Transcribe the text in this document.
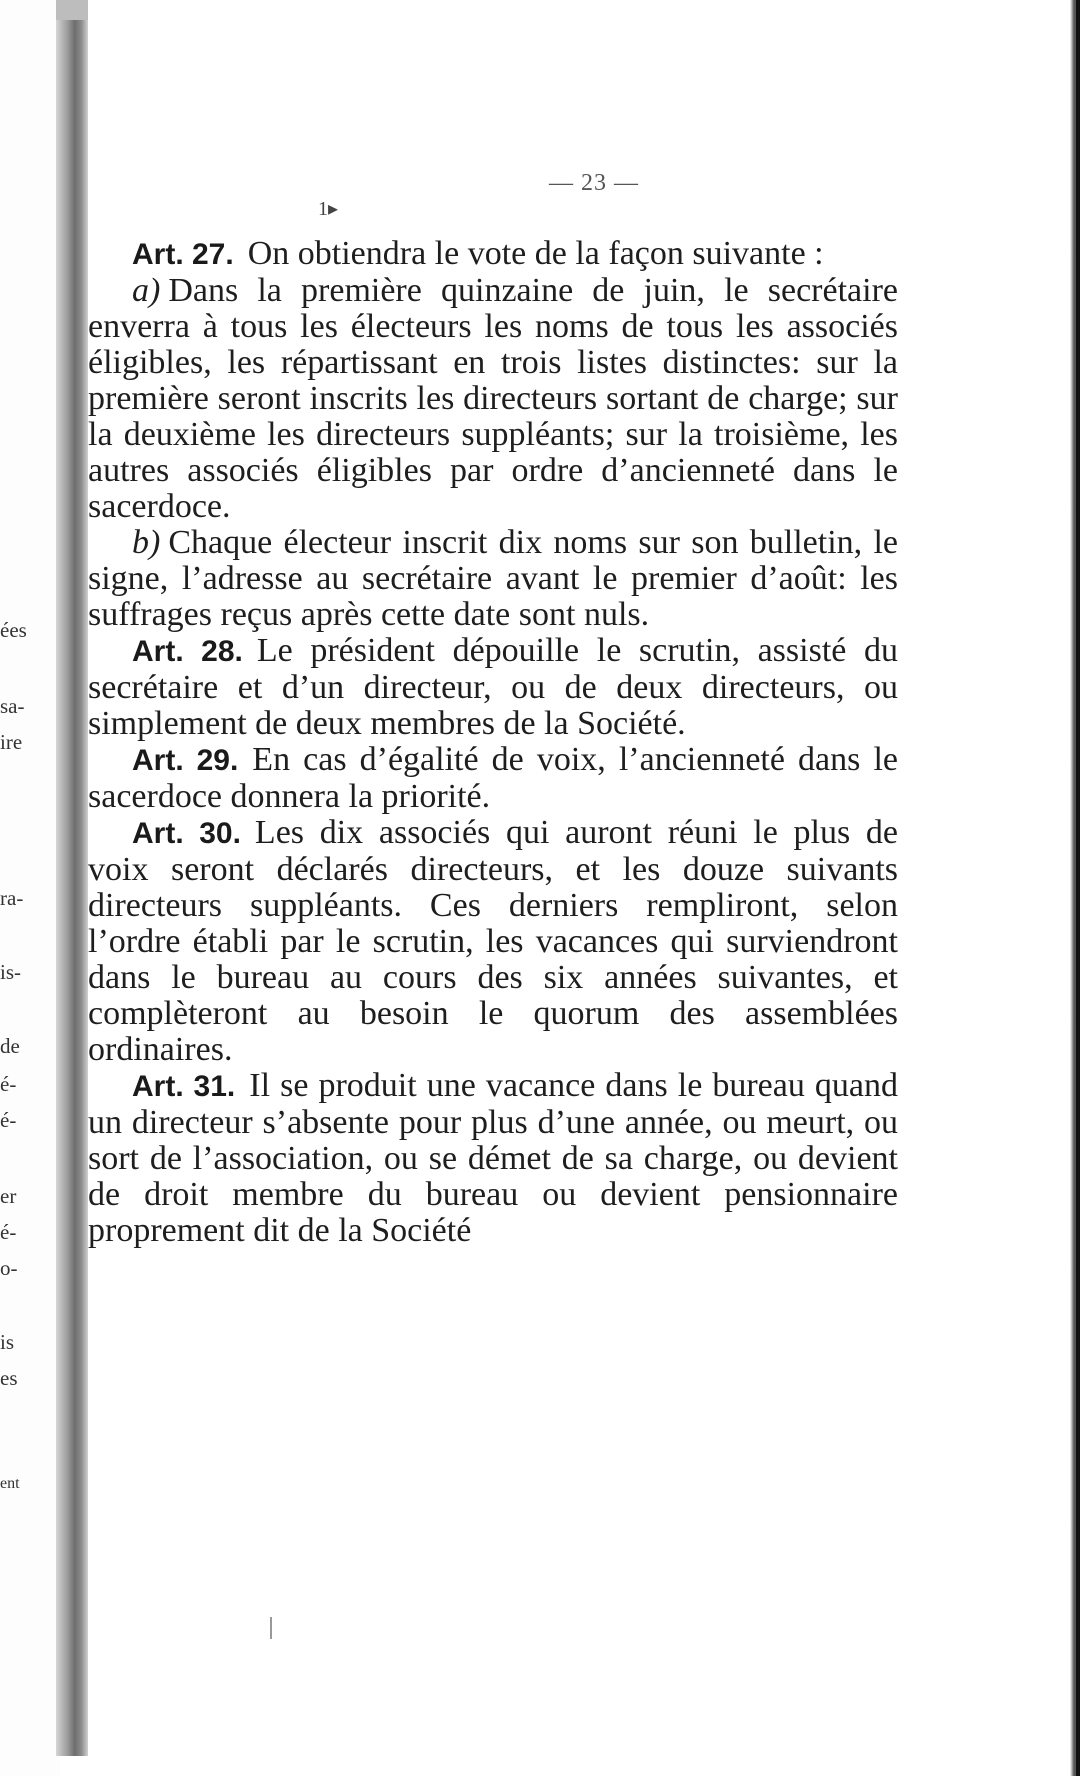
ées
sa-
ire
ra-
is-
de
é-
é-
er
é-
o-
is
es
ent
— 23 —
1▸

Art. 27. On obtiendra le vote de la façon suivante :

a) Dans la première quinzaine de juin, le secrétaire enverra à tous les électeurs les noms de tous les associés éligibles, les répartissant en trois listes distinctes: sur la première seront inscrits les directeurs sortant de charge; sur la deuxième les directeurs suppléants; sur la troisième, les autres associés éligibles par ordre d’ancienneté dans le sacerdoce.

b) Chaque électeur inscrit dix noms sur son bulletin, le signe, l’adresse au secrétaire avant le premier d’août: les suffrages reçus après cette date sont nuls.

Art. 28. Le président dépouille le scrutin, assisté du secrétaire et d’un directeur, ou de deux directeurs, ou simplement de deux membres de la Société.

Art. 29. En cas d’égalité de voix, l’ancienneté dans le sacerdoce donnera la priorité.

Art. 30. Les dix associés qui auront réuni le plus de voix seront déclarés directeurs, et les douze suivants directeurs suppléants. Ces derniers rempliront, selon l’ordre établi par le scrutin, les vacances qui surviendront dans le bureau au cours des six années suivantes, et complèteront au besoin le quorum des assemblées ordinaires.

Art. 31. Il se produit une vacance dans le bureau quand un directeur s’absente pour plus d’une année, ou meurt, ou sort de l’association, ou se démet de sa charge, ou devient de droit membre du bureau ou devient pensionnaire proprement dit de la Société
